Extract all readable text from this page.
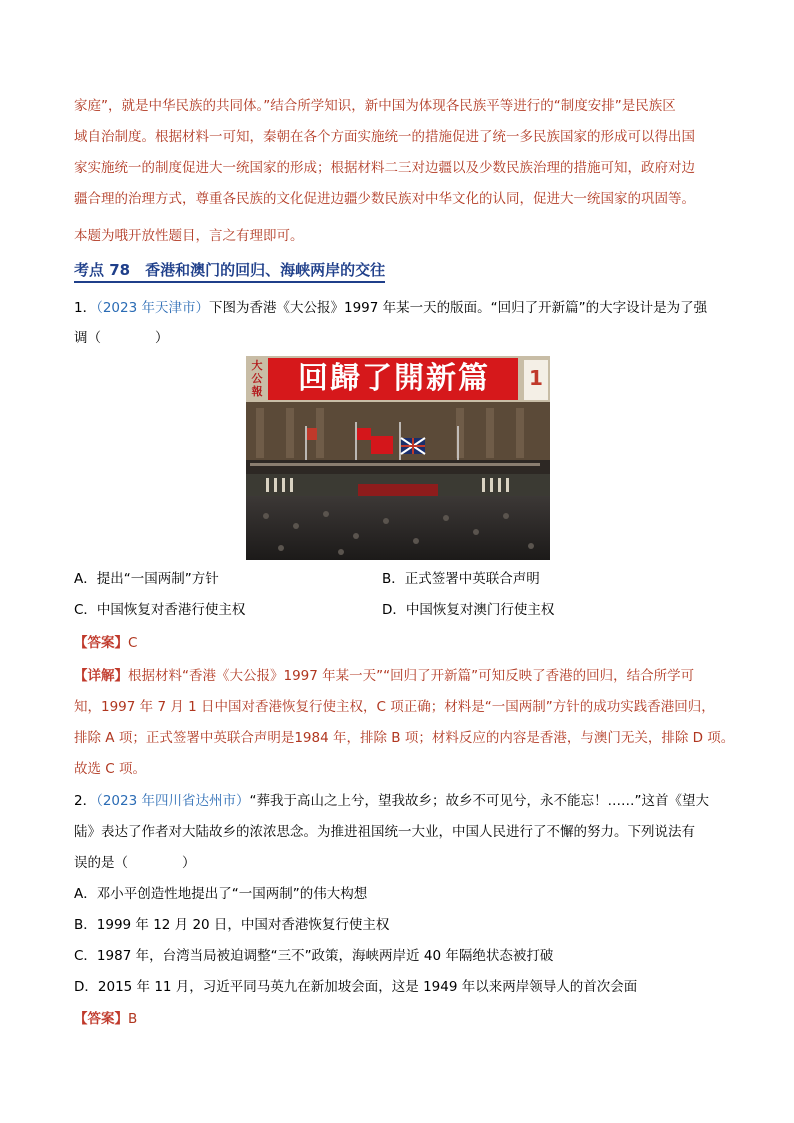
家庭”，就是中华民族的共同体。”结合所学知识，新中国为体现各民族平等进行的“制度安排”是民族区
域自治制度。根据材料一可知，秦朝在各个方面实施统一的措施促进了统一多民族国家的形成可以得出国
家实施统一的制度促进大一统国家的形成；根据材料二三对边疆以及少数民族治理的措施可知，政府对边
疆合理的治理方式，尊重各民族的文化促进边疆少数民族对中华文化的认同，促进大一统国家的巩固等。
本题为哦开放性题目，言之有理即可。
考点 78　香港和澳门的回归、海峡两岸的交往
1．（2023 年天津市）下图为香港《大公报》1997 年某一天的版面。“回归了开新篇”的大字设计是为了强
调（　　　　）
大公報	回歸了開新篇	1
A．提出“一国两制”方针	B．正式签署中英联合声明
C．中国恢复对香港行使主权	D．中国恢复对澳门行使主权
【答案】C
【详解】根据材料“香港《大公报》1997 年某一天”“回归了开新篇”可知反映了香港的回归，结合所学可
知，1997 年 7 月 1 日中国对香港恢复行使主权，C 项正确；材料是“一国两制”方针的成功实践香港回归，
排除 A 项；正式签署中英联合声明是1984 年，排除 B 项；材料反应的内容是香港，与澳门无关，排除 D 项。
故选 C 项。
2．（2023 年四川省达州市）“葬我于高山之上兮，望我故乡；故乡不可见兮，永不能忘！……”这首《望大
陆》表达了作者对大陆故乡的浓浓思念。为推进祖国统一大业，中国人民进行了不懈的努力。下列说法有
误的是（　　　　）
A．邓小平创造性地提出了“一国两制”的伟大构想
B．1999 年 12 月 20 日，中国对香港恢复行使主权
C．1987 年，台湾当局被迫调整“三不”政策，海峡两岸近 40 年隔绝状态被打破
D．2015 年 11 月，习近平同马英九在新加坡会面，这是 1949 年以来两岸领导人的首次会面
【答案】B
